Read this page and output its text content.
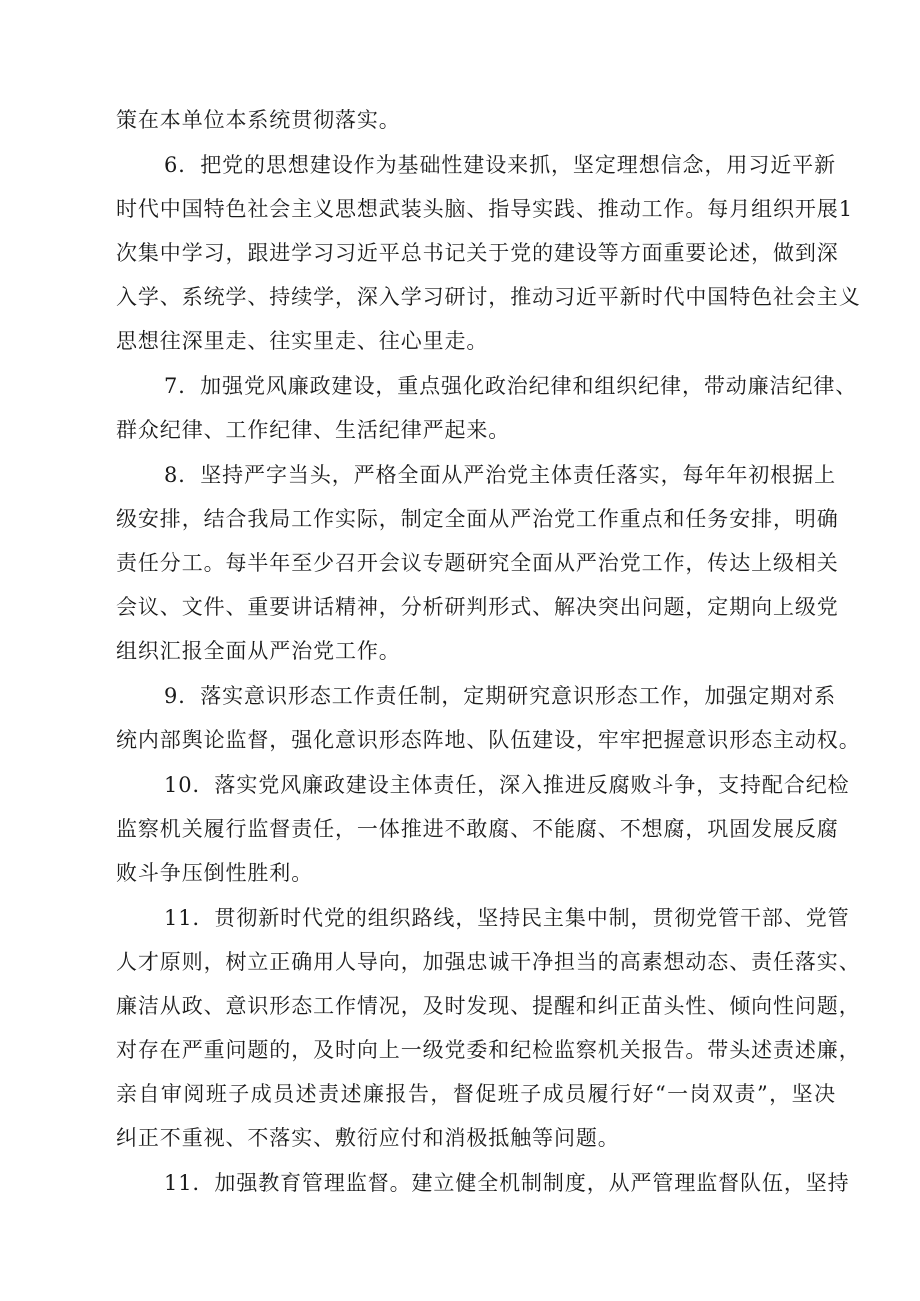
策在本单位本系统贯彻落实。
6．把党的思想建设作为基础性建设来抓，坚定理想信念，用习近平新
时代中国特色社会主义思想武装头脑、指导实践、推动工作。每月组织开展1
次集中学习，跟进学习习近平总书记关于党的建设等方面重要论述，做到深
入学、系统学、持续学，深入学习研讨，推动习近平新时代中国特色社会主义
思想往深里走、往实里走、往心里走。
7．加强党风廉政建设，重点强化政治纪律和组织纪律，带动廉洁纪律、
群众纪律、工作纪律、生活纪律严起来。
8．坚持严字当头，严格全面从严治党主体责任落实，每年年初根据上
级安排，结合我局工作实际，制定全面从严治党工作重点和任务安排，明确
责任分工。每半年至少召开会议专题研究全面从严治党工作，传达上级相关
会议、文件、重要讲话精神，分析研判形式、解决突出问题，定期向上级党
组织汇报全面从严治党工作。
9．落实意识形态工作责任制，定期研究意识形态工作，加强定期对系
统内部舆论监督，强化意识形态阵地、队伍建设，牢牢把握意识形态主动权。
10．落实党风廉政建设主体责任，深入推进反腐败斗争，支持配合纪检
监察机关履行监督责任，一体推进不敢腐、不能腐、不想腐，巩固发展反腐
败斗争压倒性胜利。
11．贯彻新时代党的组织路线，坚持民主集中制，贯彻党管干部、党管
人才原则，树立正确用人导向，加强忠诚干净担当的高素想动态、责任落实、
廉洁从政、意识形态工作情况，及时发现、提醒和纠正苗头性、倾向性问题，
对存在严重问题的，及时向上一级党委和纪检监察机关报告。带头述责述廉，
亲自审阅班子成员述责述廉报告，督促班子成员履行好“一岗双责”，坚决
纠正不重视、不落实、敷衍应付和消极抵触等问题。
11．加强教育管理监督。建立健全机制制度，从严管理监督队伍，坚持
